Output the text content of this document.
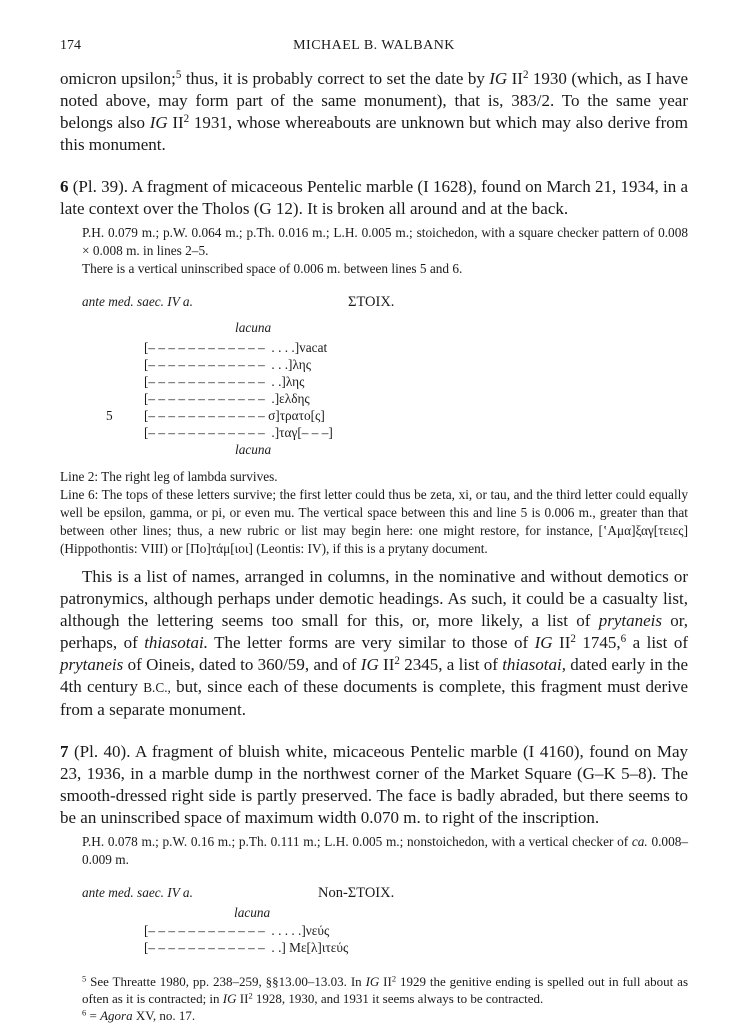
174	MICHAEL B. WALBANK

omicron upsilon;$^5$ thus, it is probably correct to set the date by IG $II^2$ 1930 (which, as I have noted above, may form part of the same monument), that is, 383/2. To the same year belongs also IG $II^2$ 1931, whose whereabouts are unknown but which may also derive from this monument.

6 (Pl. 39). A fragment of micaceous Pentelic marble (I 1628), found on March 21, 1934, in a late context over the Tholos (G 12). It is broken all around and at the back.

P.H. 0.079 m.; p.W. 0.064 m.; p.Th. 0.016 m.; L.H. 0.005 m.; stoichedon, with a square checker pattern of 0.008 × 0.008 m. in lines 2–5.

There is a vertical uninscribed space of 0.006 m. between lines 5 and 6.

ante med. saec. IV a.	ΣΤΟΙΧ.
lacuna
[– – – – – – – – – – – –  . . . .]vacat
[– – – – – – – – – – – –  . . .]λης
[– – – – – – – – – – – –  . .]λης
[– – – – – – – – – – – –  .]ελδης
5 [– – – – – – – – – – – – σ]τρατο[ς]
[– – – – – – – – – – – –  .]ταγ[– – –]
lacuna

Line 2: The right leg of lambda survives.

Line 6: The tops of these letters survive; the first letter could thus be zeta, xi, or tau, and the third letter could equally well be epsilon, gamma, or pi, or even mu. The vertical space between this and line 5 is 0.006 m., greater than that between other lines; thus, a new rubric or list may begin here: one might restore, for instance, [ʽΑμα]ξαγ[τειες] (Hippothontis: VIII) or [Πο]τάμ[ιοι] (Leontis: IV), if this is a prytany document.

This is a list of names, arranged in columns, in the nominative and without demotics or patronymics, although perhaps under demotic headings. As such, it could be a casualty list, although the lettering seems too small for this, or, more likely, a list of prytaneis or, perhaps, of thiasotai. The letter forms are very similar to those of IG $II^2$ 1745,$^6$ a list of prytaneis of Oineis, dated to 360/59, and of IG $II^2$ 2345, a list of thiasotai, dated early in the 4th century B.C., but, since each of these documents is complete, this fragment must derive from a separate monument.

7 (Pl. 40). A fragment of bluish white, micaceous Pentelic marble (I 4160), found on May 23, 1936, in a marble dump in the northwest corner of the Market Square (G–K 5–8). The smooth-dressed right side is partly preserved. The face is badly abraded, but there seems to be an uninscribed space of maximum width 0.070 m. to right of the inscription.

P.H. 0.078 m.; p.W. 0.16 m.; p.Th. 0.111 m.; L.H. 0.005 m.; nonstoichedon, with a vertical checker of ca. 0.008–0.009 m.

ante med. saec. IV a.	Non-ΣΤΟΙΧ.
lacuna
[– – – – – – – – – – – –  . . . . .]νεύς
[– – – – – – – – – – – –  . .] Με[λ]ιτεύς

$^5$ See Threatte 1980, pp. 238–259, §§13.00–13.03. In IG $II^2$ 1929 the genitive ending is spelled out in full about as often as it is contracted; in IG $II^2$ 1928, 1930, and 1931 it seems always to be contracted.

$^6$ = Agora XV, no. 17.
